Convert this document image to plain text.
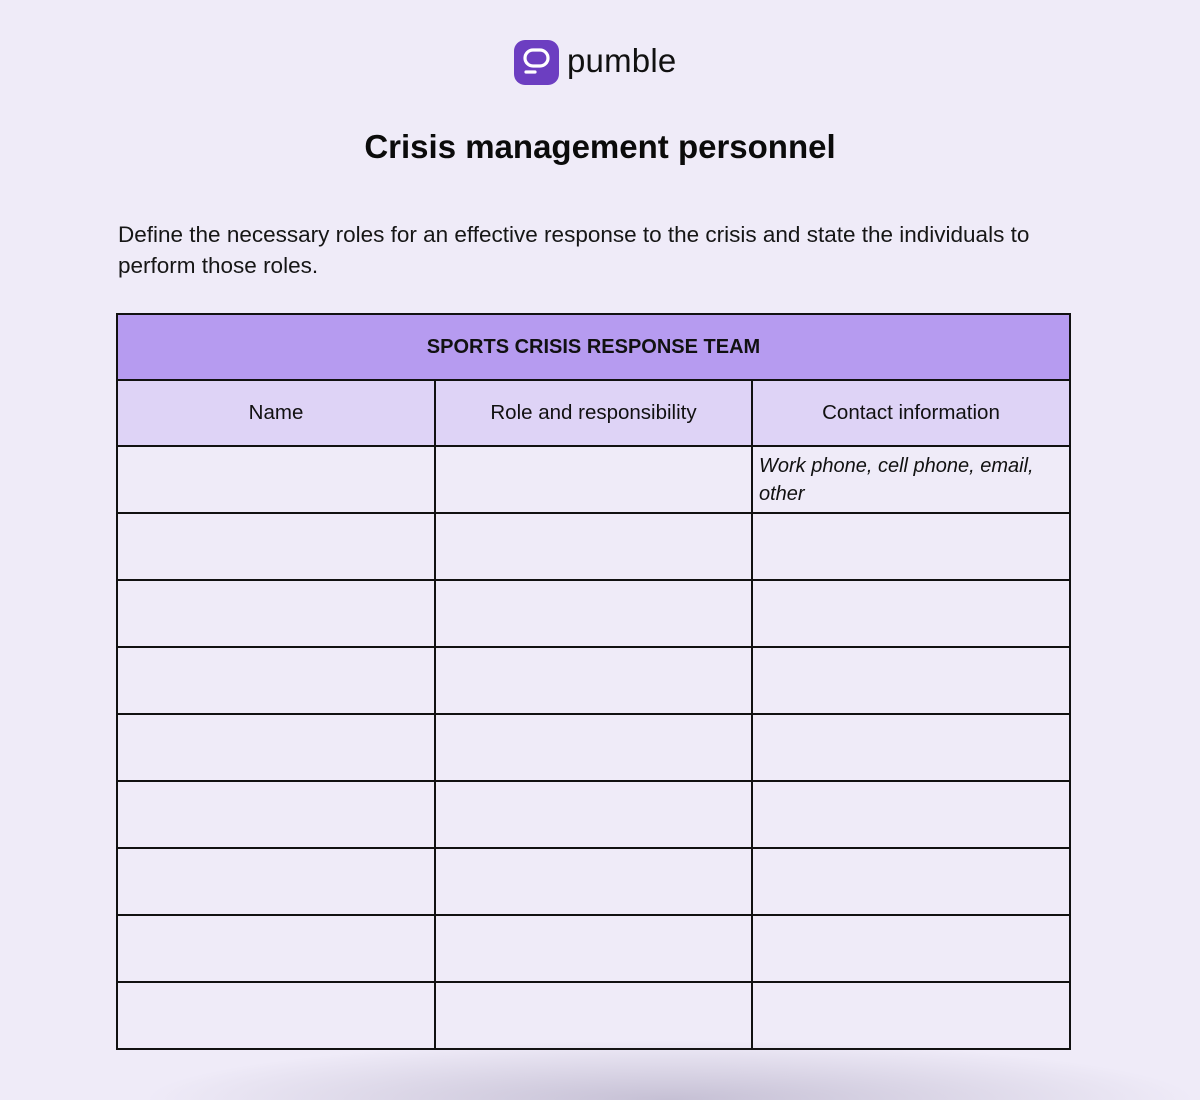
pumble
Crisis management personnel

Define the necessary roles for an effective response to the crisis and state the individuals to perform those roles.

SPORTS CRISIS RESPONSE TEAM		
Name	Role and responsibility	Contact information

		Work phone, cell phone, email, other
